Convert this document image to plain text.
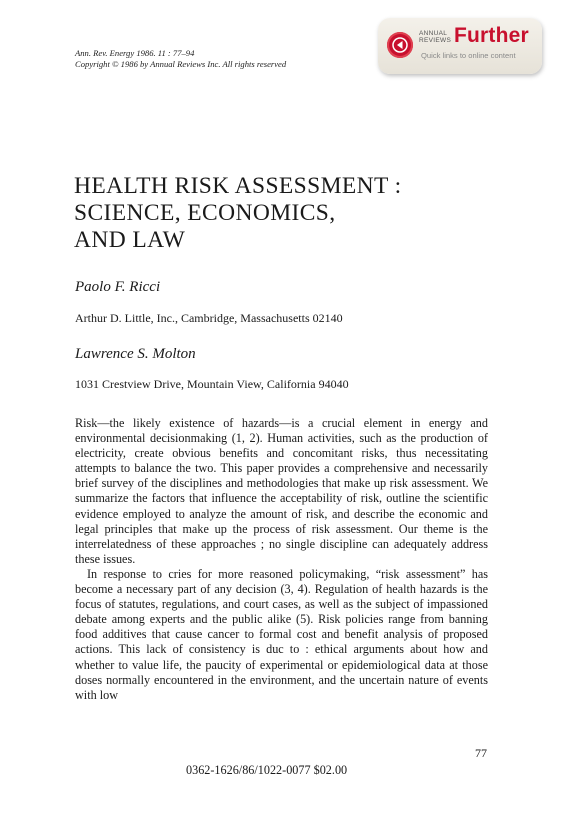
Ann. Rev. Energy 1986. 11 : 77–94
Copyright © 1986 by Annual Reviews Inc. All rights reserved
ANNUAL
REVIEWS Further
Quick links to online content
HEALTH RISK ASSESSMENT :
SCIENCE, ECONOMICS,
AND LAW
Paolo F. Ricci
Arthur D. Little, Inc., Cambridge, Massachusetts 02140
Lawrence S. Molton
1031 Crestview Drive, Mountain View, California 94040

Risk—the likely existence of hazards—is a crucial element in energy and environmental decisionmaking (1, 2). Human activities, such as the production of electricity, create obvious benefits and concomitant risks, thus necessitating attempts to balance the two. This paper provides a comprehensive and necessarily brief survey of the disciplines and methodologies that make up risk assessment. We summarize the factors that influence the acceptability of risk, outline the scientific evidence employed to analyze the amount of risk, and describe the economic and legal principles that make up the process of risk assessment. Our theme is the interrelatedness of these approaches ; no single discipline can adequately address these issues.

In response to cries for more reasoned policymaking, “risk assessment” has become a necessary part of any decision (3, 4). Regulation of health hazards is the focus of statutes, regulations, and court cases, as well as the subject of impassioned debate among experts and the public alike (5). Risk policies range from banning food additives that cause cancer to formal cost and benefit analysis of proposed actions. This lack of consistency is duc to : ethical arguments about how and whether to value life, the paucity of experimental or epidemiological data at those doses normally encountered in the environment, and the uncertain nature of events with low

77
0362-1626/86/1022-0077 $02.00
